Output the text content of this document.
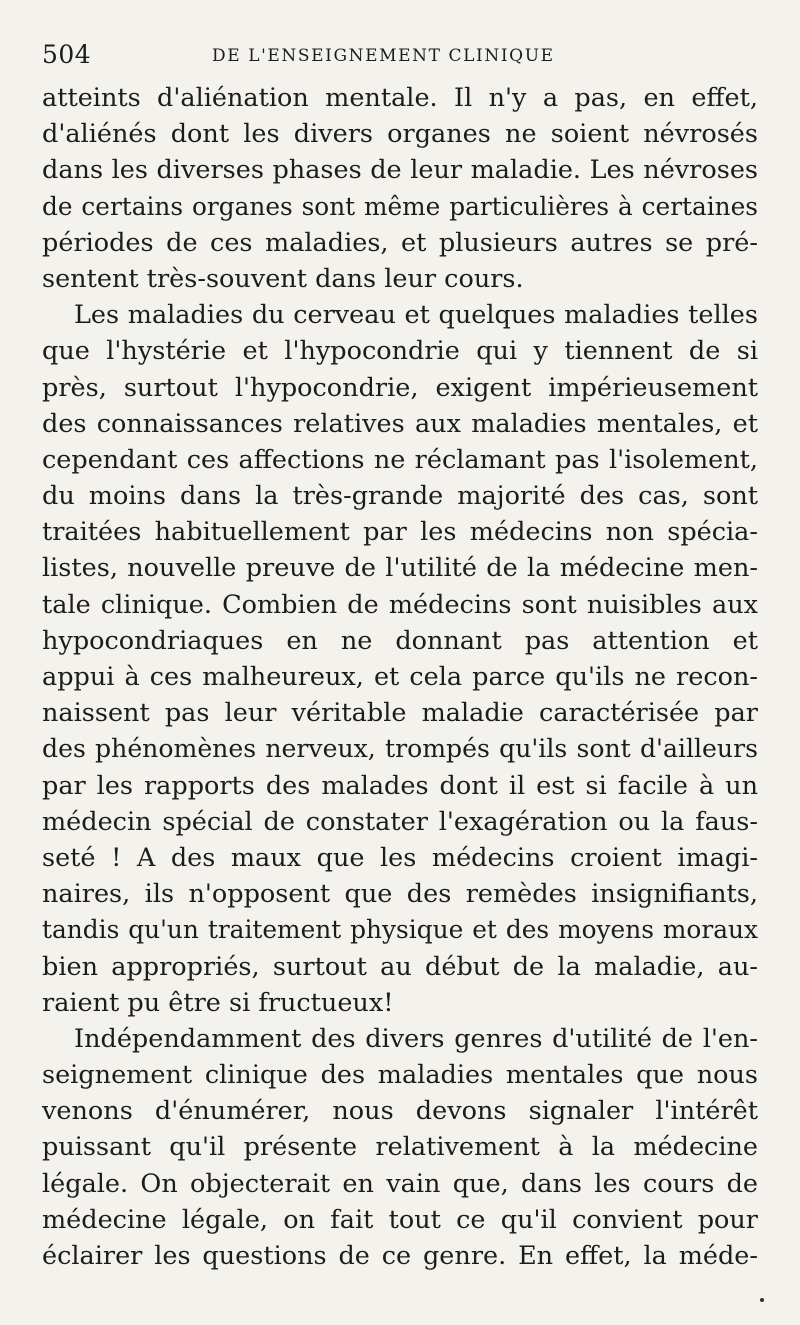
504	DE L'ENSEIGNEMENT CLINIQUE
atteints d'aliénation mentale. Il n'y a pas, en effet,
d'aliénés dont les divers organes ne soient névrosés
dans les diverses phases de leur maladie. Les névroses
de certains organes sont même particulières à certaines
périodes de ces maladies, et plusieurs autres se pré-
sentent très-souvent dans leur cours.
Les maladies du cerveau et quelques maladies telles
que l'hystérie et l'hypocondrie qui y tiennent de si
près, surtout l'hypocondrie, exigent impérieusement
des connaissances relatives aux maladies mentales, et
cependant ces affections ne réclamant pas l'isolement,
du moins dans la très-grande majorité des cas, sont
traitées habituellement par les médecins non spécia-
listes, nouvelle preuve de l'utilité de la médecine men-
tale clinique. Combien de médecins sont nuisibles aux
hypocondriaques en ne donnant pas attention et
appui à ces malheureux, et cela parce qu'ils ne recon-
naissent pas leur véritable maladie caractérisée par
des phénomènes nerveux, trompés qu'ils sont d'ailleurs
par les rapports des malades dont il est si facile à un
médecin spécial de constater l'exagération ou la faus-
seté ! A des maux que les médecins croient imagi-
naires, ils n'opposent que des remèdes insignifiants,
tandis qu'un traitement physique et des moyens moraux
bien appropriés, surtout au début de la maladie, au-
raient pu être si fructueux!
Indépendamment des divers genres d'utilité de l'en-
seignement clinique des maladies mentales que nous
venons d'énumérer, nous devons signaler l'intérêt
puissant qu'il présente relativement à la médecine
légale. On objecterait en vain que, dans les cours de
médecine légale, on fait tout ce qu'il convient pour
éclairer les questions de ce genre. En effet, la méde-
